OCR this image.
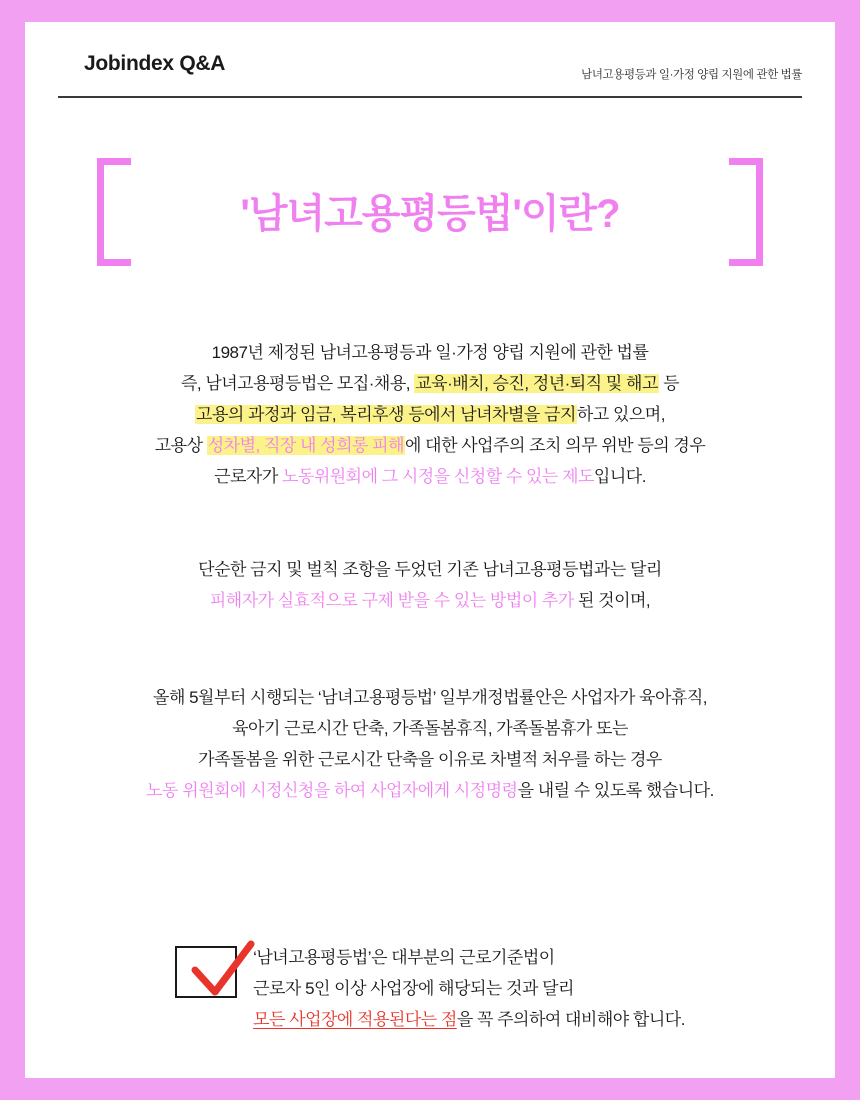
Jobindex Q&A	남녀고용평등과 일·가정 양립 지원에 관한 법률
'남녀고용평등법'이란?
1987년 제정된 남녀고용평등과 일·가정 양립 지원에 관한 법률
즉, 남녀고용평등법은 모집·채용, 교육·배치, 승진, 정년·퇴직 및 해고 등
고용의 과정과 임금, 복리후생 등에서 남녀차별을 금지하고 있으며,
고용상 성차별, 직장 내 성희롱 피해에 대한 사업주의 조치 의무 위반 등의 경우
근로자가 노동위원회에 그 시정을 신청할 수 있는 제도입니다.
단순한 금지 및 벌칙 조항을 두었던 기존 남녀고용평등법과는 달리
피해자가 실효적으로 구제 받을 수 있는 방법이 추가 된 것이며,
올해 5월부터 시행되는 ‘남녀고용평등법’ 일부개정법률안은 사업자가 육아휴직,
육아기 근로시간 단축, 가족돌봄휴직, 가족돌봄휴가 또는
가족돌봄을 위한 근로시간 단축을 이유로 차별적 처우를 하는 경우
노동 위원회에 시정신청을 하여 사업자에게 시정명령을 내릴 수 있도록 했습니다.
‘남녀고용평등법’은 대부분의 근로기준법이
근로자 5인 이상 사업장에 해당되는 것과 달리
모든 사업장에 적용된다는 점을 꼭 주의하여 대비해야 합니다.
